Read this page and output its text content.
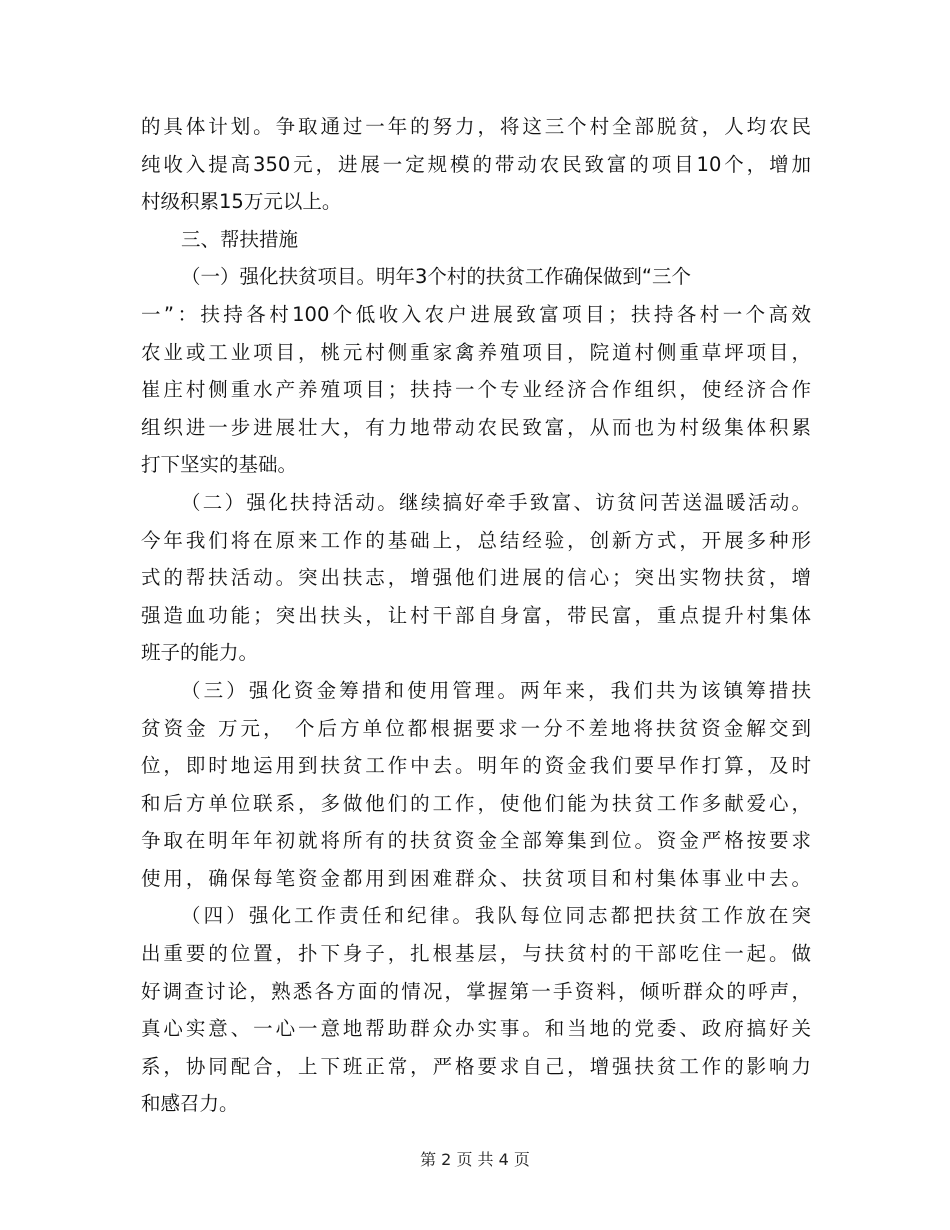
的具体计划。争取通过一年的努力，将这三个村全部脱贫，人均农民
纯收入提高350元，进展一定规模的带动农民致富的项目10个，增加
村级积累15万元以上。
三、帮扶措施
（一）强化扶贫项目。明年3个村的扶贫工作确保做到“三个
一”：扶持各村100个低收入农户进展致富项目；扶持各村一个高效
农业或工业项目，桃元村侧重家禽养殖项目，院道村侧重草坪项目，
崔庄村侧重水产养殖项目；扶持一个专业经济合作组织，使经济合作
组织进一步进展壮大，有力地带动农民致富，从而也为村级集体积累
打下坚实的基础。
（二）强化扶持活动。继续搞好牵手致富、访贫问苦送温暖活动。
今年我们将在原来工作的基础上，总结经验，创新方式，开展多种形
式的帮扶活动。突出扶志，增强他们进展的信心；突出实物扶贫，增
强造血功能；突出扶头，让村干部自身富，带民富，重点提升村集体
班子的能力。
（三）强化资金筹措和使用管理。两年来，我们共为该镇筹措扶
贫资金 万元， 个后方单位都根据要求一分不差地将扶贫资金解交到
位，即时地运用到扶贫工作中去。明年的资金我们要早作打算，及时
和后方单位联系，多做他们的工作，使他们能为扶贫工作多献爱心，
争取在明年年初就将所有的扶贫资金全部筹集到位。资金严格按要求
使用，确保每笔资金都用到困难群众、扶贫项目和村集体事业中去。
（四）强化工作责任和纪律。我队每位同志都把扶贫工作放在突
出重要的位置，扑下身子，扎根基层，与扶贫村的干部吃住一起。做
好调查讨论，熟悉各方面的情况，掌握第一手资料，倾听群众的呼声，
真心实意、一心一意地帮助群众办实事。和当地的党委、政府搞好关
系，协同配合，上下班正常，严格要求自己，增强扶贫工作的影响力
和感召力。
第 2 页 共 4 页
